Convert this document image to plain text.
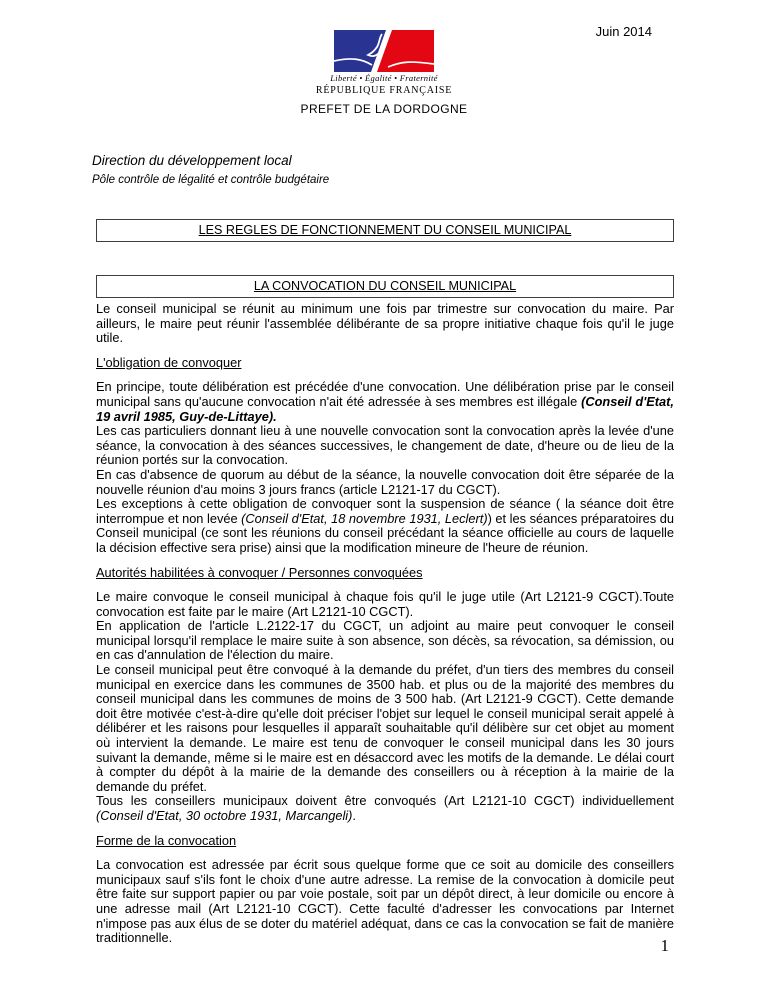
Juin 2014
Liberté • Égalité • Fraternité
RÉPUBLIQUE FRANÇAISE
PREFET DE LA DORDOGNE
Direction du développement local
Pôle contrôle de légalité et contrôle budgétaire
LES REGLES DE FONCTIONNEMENT DU CONSEIL MUNICIPAL
LA CONVOCATION DU CONSEIL MUNICIPAL

Le conseil municipal se réunit au minimum une fois par trimestre sur convocation du maire. Par ailleurs, le maire peut réunir l'assemblée délibérante de sa propre initiative chaque fois qu'il le juge utile.

L'obligation de convoquer

En principe, toute délibération est précédée d'une convocation. Une délibération prise par le conseil municipal sans qu'aucune convocation n'ait été adressée à ses membres est illégale (Conseil d'Etat, 19 avril 1985, Guy-de-Littaye).

Les cas particuliers donnant lieu à une nouvelle convocation sont la convocation après la levée d'une séance, la convocation à des séances successives, le changement de date, d'heure ou de lieu de la réunion portés sur la convocation.

En cas d'absence de quorum au début de la séance, la nouvelle convocation doit être séparée de la nouvelle réunion d'au moins 3 jours francs (article L2121-17 du CGCT).

Les exceptions à cette obligation de convoquer sont la suspension de séance ( la séance doit être interrompue et non levée (Conseil d'Etat, 18 novembre 1931, Leclert)) et les séances préparatoires du Conseil municipal (ce sont les réunions du conseil précédant la séance officielle au cours de laquelle la décision effective sera prise) ainsi que la modification mineure de l'heure de réunion.

Autorités habilitées à convoquer / Personnes convoquées

Le maire convoque le conseil municipal à chaque fois qu'il le juge utile (Art L2121-9 CGCT).Toute convocation est faite par le maire (Art L2121-10 CGCT).

En application de l'article L.2122-17 du CGCT, un adjoint au maire peut convoquer le conseil municipal lorsqu'il remplace le maire suite à son absence, son décès, sa révocation, sa démission, ou en cas d'annulation de l'élection du maire.

Le conseil municipal peut être convoqué à la demande du préfet, d'un tiers des membres du conseil municipal en exercice dans les communes de 3500 hab. et plus ou de la majorité des membres du conseil municipal dans les communes de moins de 3 500 hab. (Art L2121-9 CGCT). Cette demande doit être motivée c'est-à-dire qu'elle doit préciser l'objet sur lequel le conseil municipal serait appelé à délibérer et les raisons pour lesquelles il apparaît souhaitable qu'il délibère sur cet objet au moment où intervient la demande. Le maire est tenu de convoquer le conseil municipal dans les 30 jours suivant la demande, même si le maire est en désaccord avec les motifs de la demande. Le délai court à compter du dépôt à la mairie de la demande des conseillers ou à réception à la mairie de la demande du préfet.

Tous les conseillers municipaux doivent être convoqués (Art L2121-10 CGCT) individuellement (Conseil d'Etat, 30 octobre 1931, Marcangeli).

Forme de la convocation

La convocation est adressée par écrit sous quelque forme que ce soit au domicile des conseillers municipaux sauf s'ils font le choix d'une autre adresse. La remise de la convocation à domicile peut être faite sur support papier ou par voie postale, soit par un dépôt direct, à leur domicile ou encore à une adresse mail (Art L2121-10 CGCT). Cette faculté d'adresser les convocations par Internet n'impose pas aux élus de se doter du matériel adéquat, dans ce cas la convocation se fait de manière traditionnelle.	1
